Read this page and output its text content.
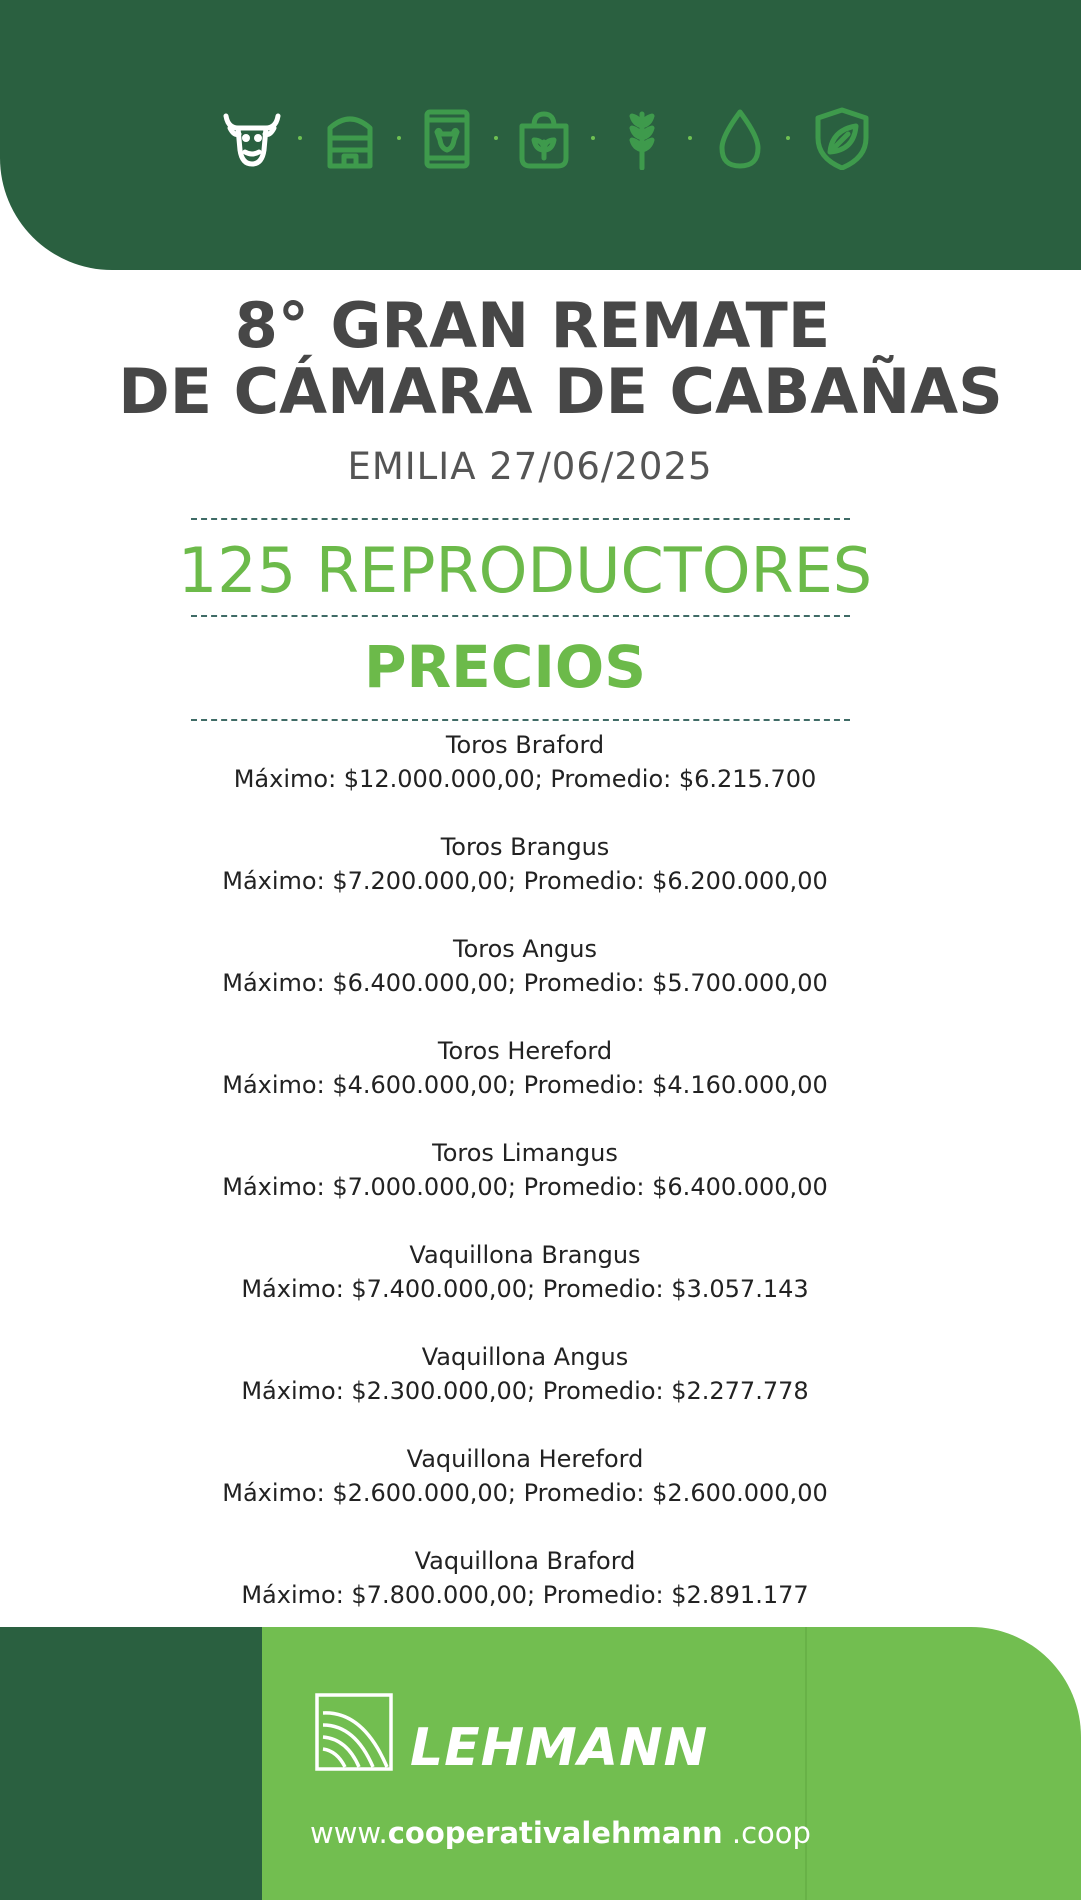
8° GRAN REMATE
DE CÁMARA DE CABAÑAS
EMILIA 27/06/2025
125 REPRODUCTORES
PRECIOS
Toros Braford
Máximo: $12.000.000,00; Promedio: $6.215.700
Toros Brangus
Máximo: $7.200.000,00; Promedio: $6.200.000,00
Toros Angus
Máximo: $6.400.000,00; Promedio: $5.700.000,00
Toros Hereford
Máximo: $4.600.000,00; Promedio: $4.160.000,00
Toros Limangus
Máximo: $7.000.000,00; Promedio: $6.400.000,00
Vaquillona Brangus
Máximo: $7.400.000,00; Promedio: $3.057.143
Vaquillona Angus
Máximo: $2.300.000,00; Promedio: $2.277.778
Vaquillona Hereford
Máximo: $2.600.000,00; Promedio: $2.600.000,00
Vaquillona Braford
Máximo: $7.800.000,00; Promedio: $2.891.177
LEHMANN
www.cooperativalehmann .coop
